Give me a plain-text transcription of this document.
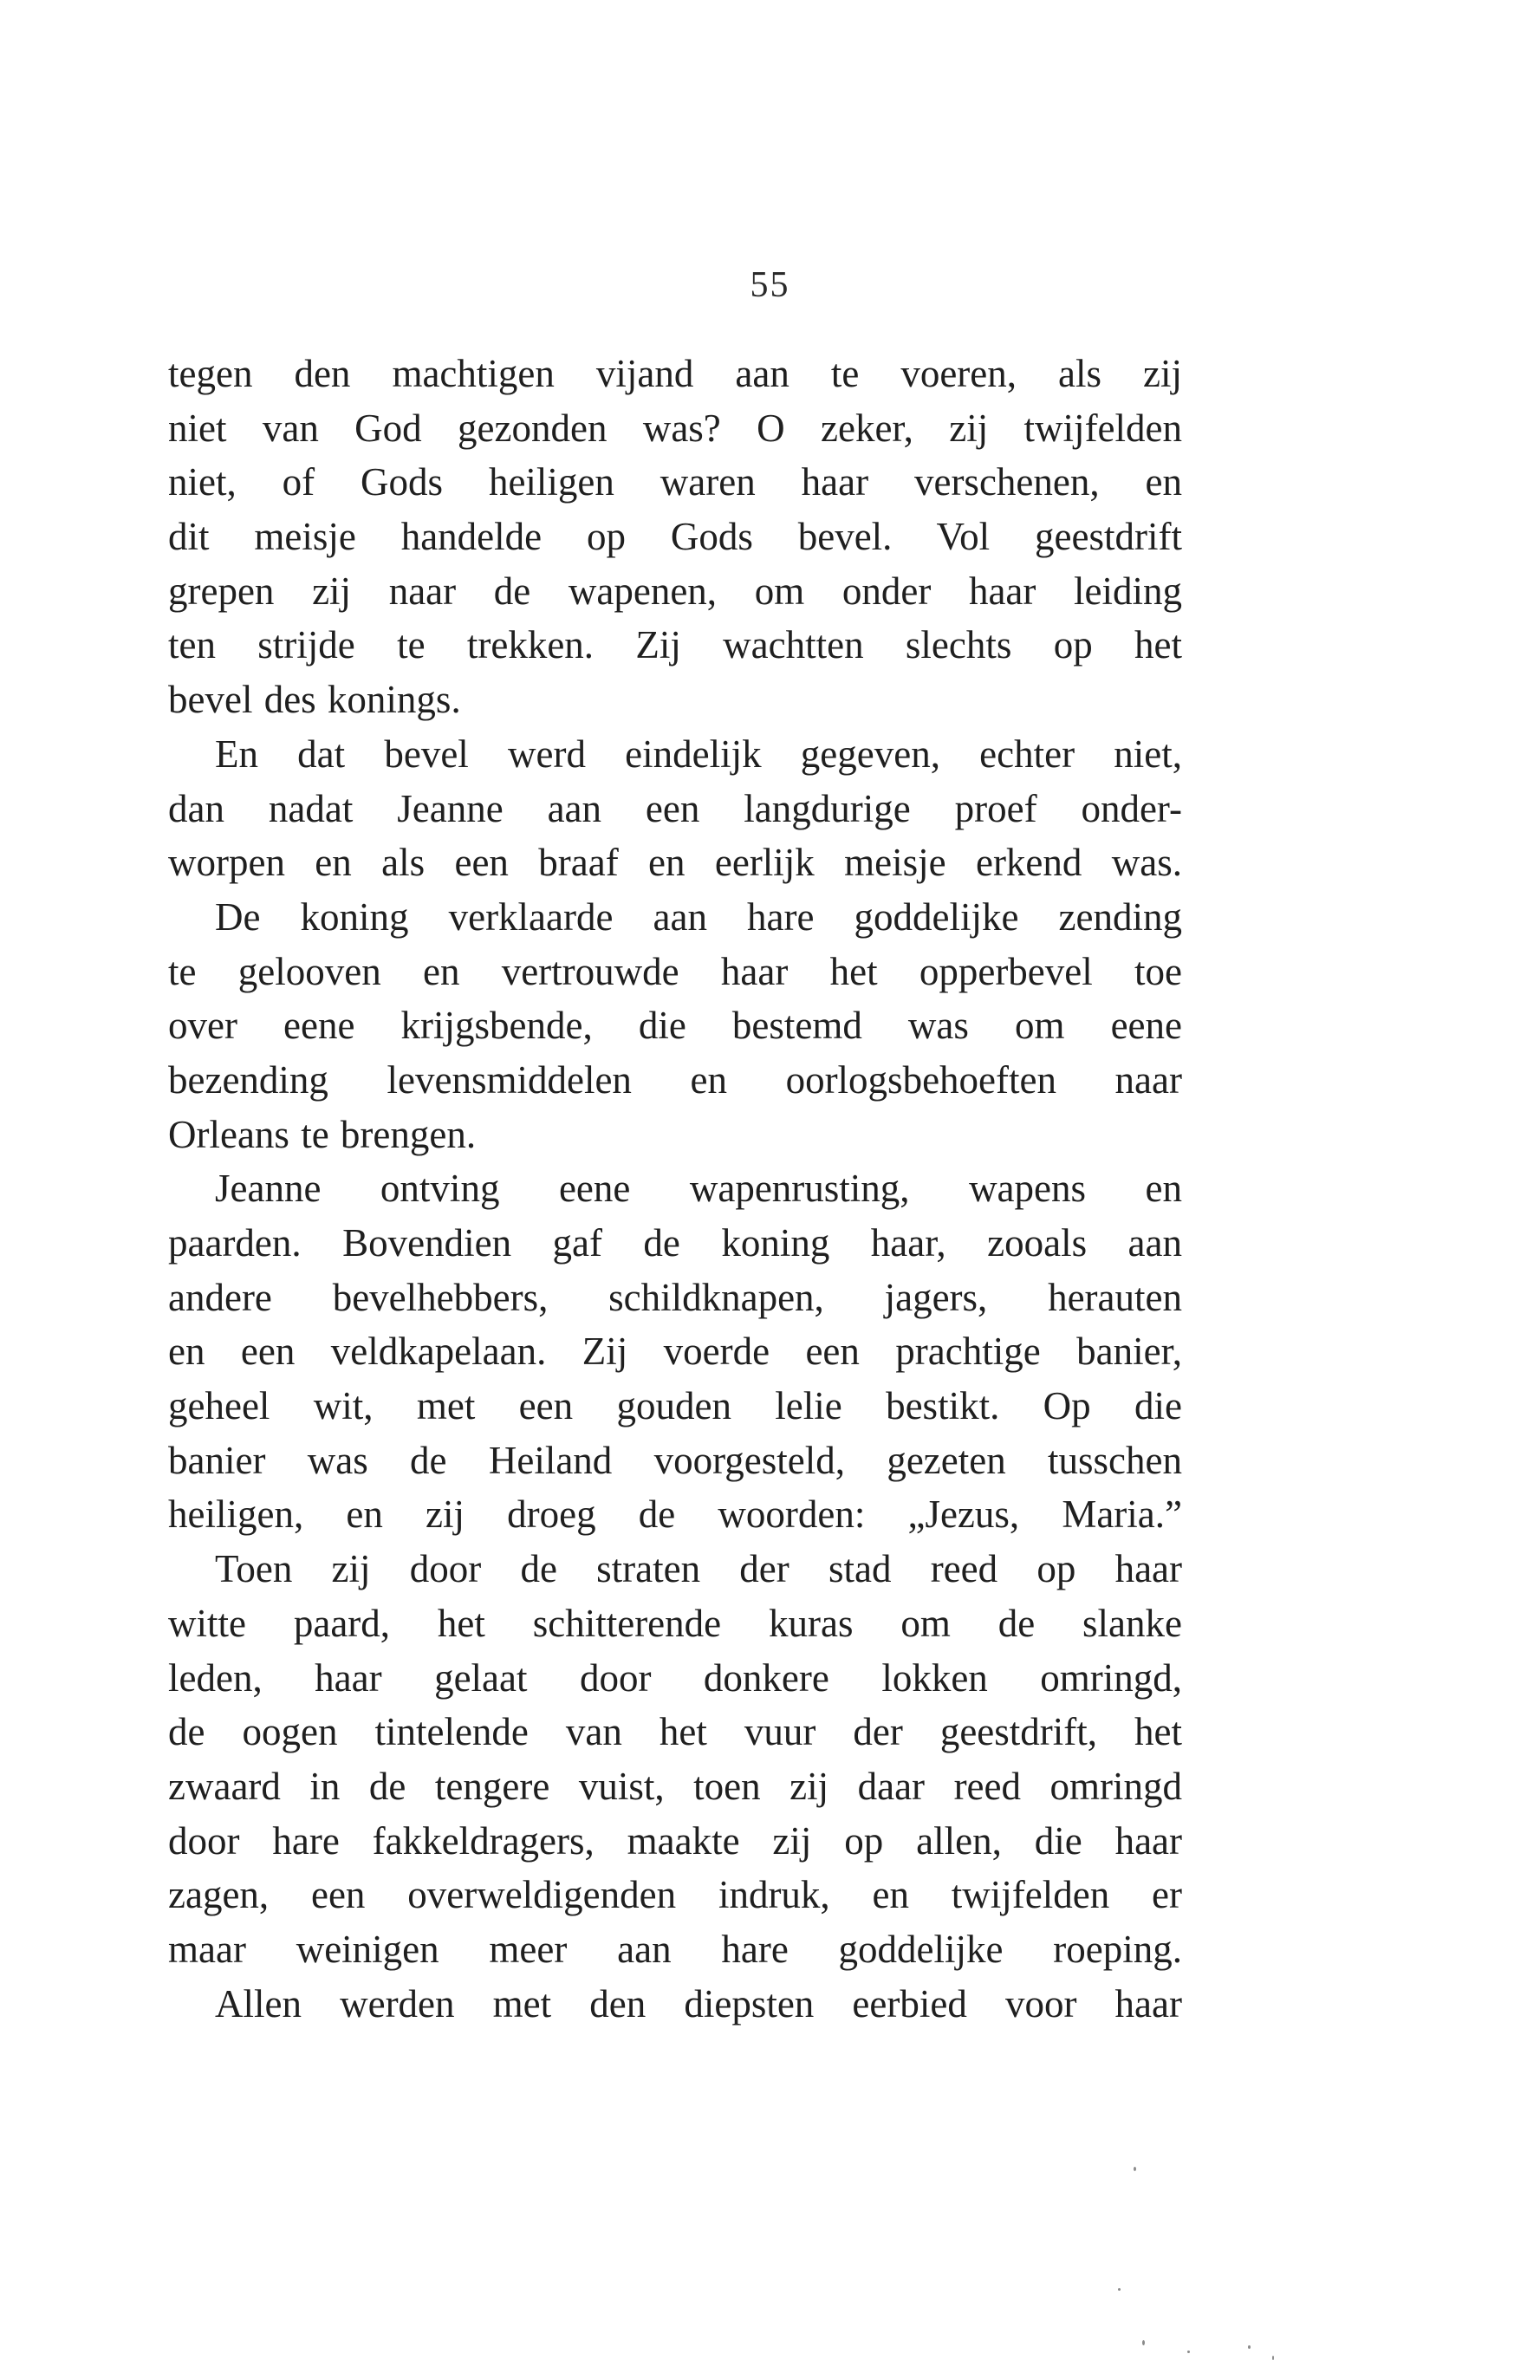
55
tegen den machtigen vijand aan te voeren, als zij
niet van God gezonden was? O zeker, zij twijfelden
niet, of Gods heiligen waren haar verschenen, en
dit meisje handelde op Gods bevel. Vol geestdrift
grepen zij naar de wapenen, om onder haar leiding
ten strijde te trekken. Zij wachtten slechts op het
bevel des konings.
En dat bevel werd eindelijk gegeven, echter niet,
dan nadat Jeanne aan een langdurige proef onder-
worpen en als een braaf en eerlijk meisje erkend was.
De koning verklaarde aan hare goddelijke zending
te gelooven en vertrouwde haar het opperbevel toe
over eene krijgsbende, die bestemd was om eene
bezending levensmiddelen en oorlogsbehoeften naar
Orleans te brengen.
Jeanne ontving eene wapenrusting, wapens en
paarden. Bovendien gaf de koning haar, zooals aan
andere bevelhebbers, schildknapen, jagers, herauten
en een veldkapelaan. Zij voerde een prachtige banier,
geheel wit, met een gouden lelie bestikt. Op die
banier was de Heiland voorgesteld, gezeten tusschen
heiligen, en zij droeg de woorden: „Jezus, Maria.”
Toen zij door de straten der stad reed op haar
witte paard, het schitterende kuras om de slanke
leden, haar gelaat door donkere lokken omringd,
de oogen tintelende van het vuur der geestdrift, het
zwaard in de tengere vuist, toen zij daar reed omringd
door hare fakkeldragers, maakte zij op allen, die haar
zagen, een overweldigenden indruk, en twijfelden er
maar weinigen meer aan hare goddelijke roeping.
Allen werden met den diepsten eerbied voor haar
